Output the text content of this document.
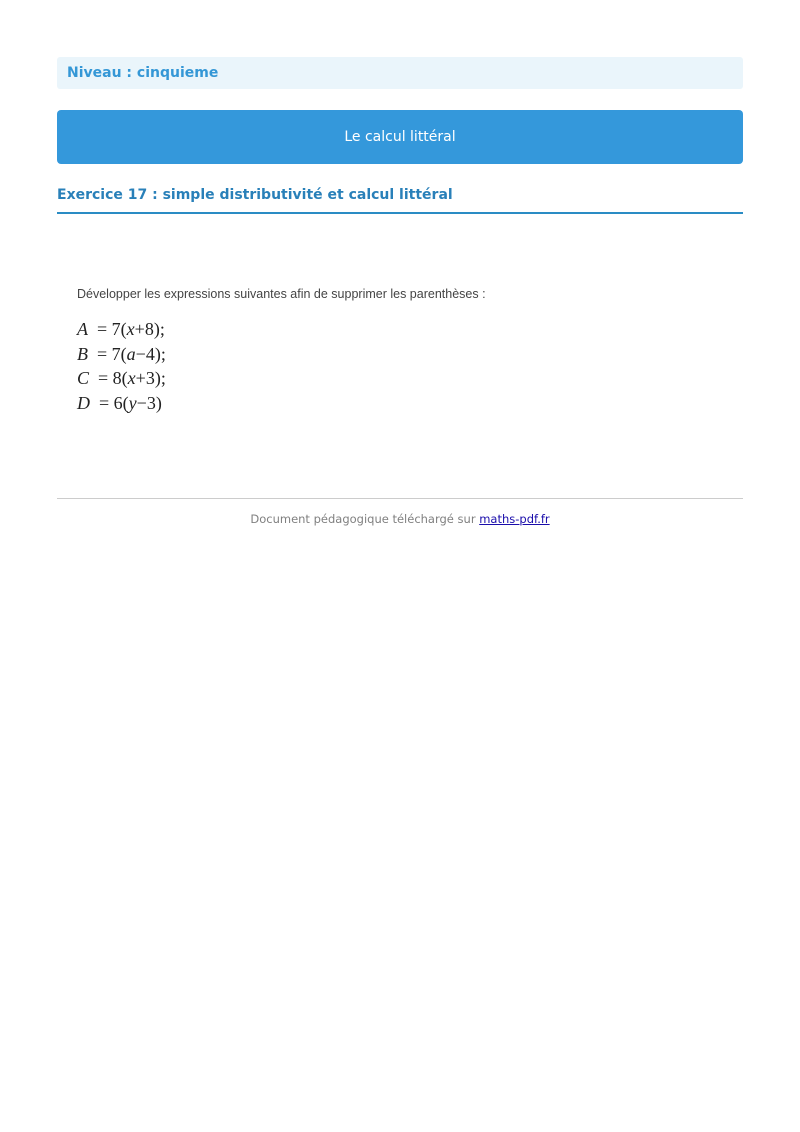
Niveau : cinquieme
Le calcul littéral
Exercice 17 : simple distributivité et calcul littéral

Développer les expressions suivantes afin de supprimer les parenthèses :

A  = 7(x+8);
B  = 7(a−4);
C  = 8(x+3);
D  = 6(y−3)
Document pédagogique téléchargé sur maths-pdf.fr
